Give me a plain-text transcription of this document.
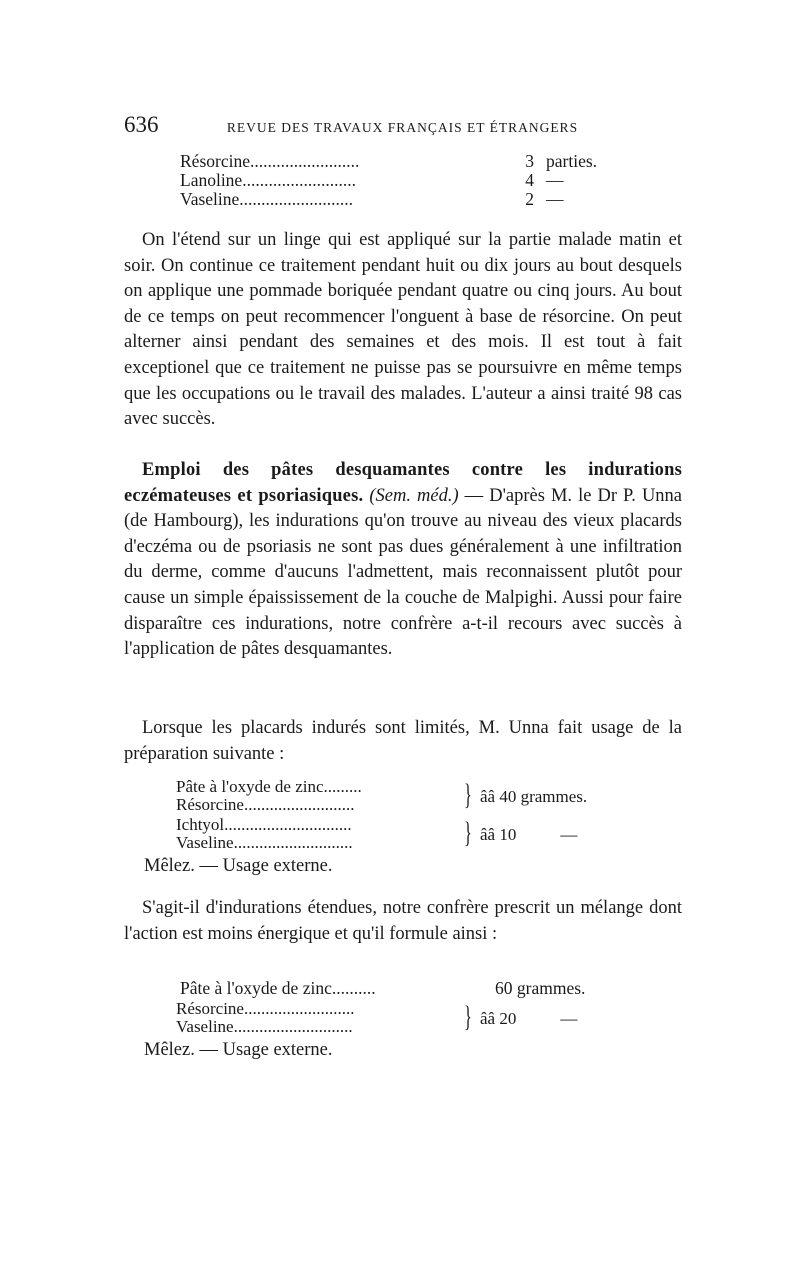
636	REVUE DES TRAVAUX FRANÇAIS ET ÉTRANGERS
Résorcine.........................	3 parties.
Lanoline..........................	4 —
Vaseline..........................	2 —

On l'étend sur un linge qui est appliqué sur la partie malade matin et soir. On continue ce traitement pendant huit ou dix jours au bout desquels on applique une pommade boriquée pendant quatre ou cinq jours. Au bout de ce temps on peut recommencer l'onguent à base de résorcine. On peut alterner ainsi pendant des semaines et des mois. Il est tout à fait exceptionel que ce traitement ne puisse pas se poursuivre en même temps que les occupations ou le travail des malades. L'auteur a ainsi traité 98 cas avec succès.

Emploi des pâtes desquamantes contre les indurations eczémateuses et psoriasiques. (Sem. méd.) — D'après M. le Dr P. Unna (de Hambourg), les indurations qu'on trouve au niveau des vieux placards d'eczéma ou de psoriasis ne sont pas dues généralement à une infiltration du derme, comme d'aucuns l'admettent, mais reconnaissent plutôt pour cause un simple épaississement de la couche de Malpighi. Aussi pour faire disparaître ces indurations, notre confrère a-t-il recours avec succès à l'application de pâtes desquamantes.

Lorsque les placards indurés sont limités, M. Unna fait usage de la préparation suivante :

Pâte à l'oxyde de zinc.........
Résorcine..........................	} ââ 40 grammes.
Ichtyol..............................
Vaseline............................	} ââ 10	—
Mêlez. — Usage externe.

S'agit-il d'indurations étendues, notre confrère prescrit un mélange dont l'action est moins énergique et qu'il formule ainsi :

Pâte à l'oxyde de zinc..........	60 grammes.
Résorcine..........................
Vaseline............................	} ââ 20	—
Mêlez. — Usage externe.
